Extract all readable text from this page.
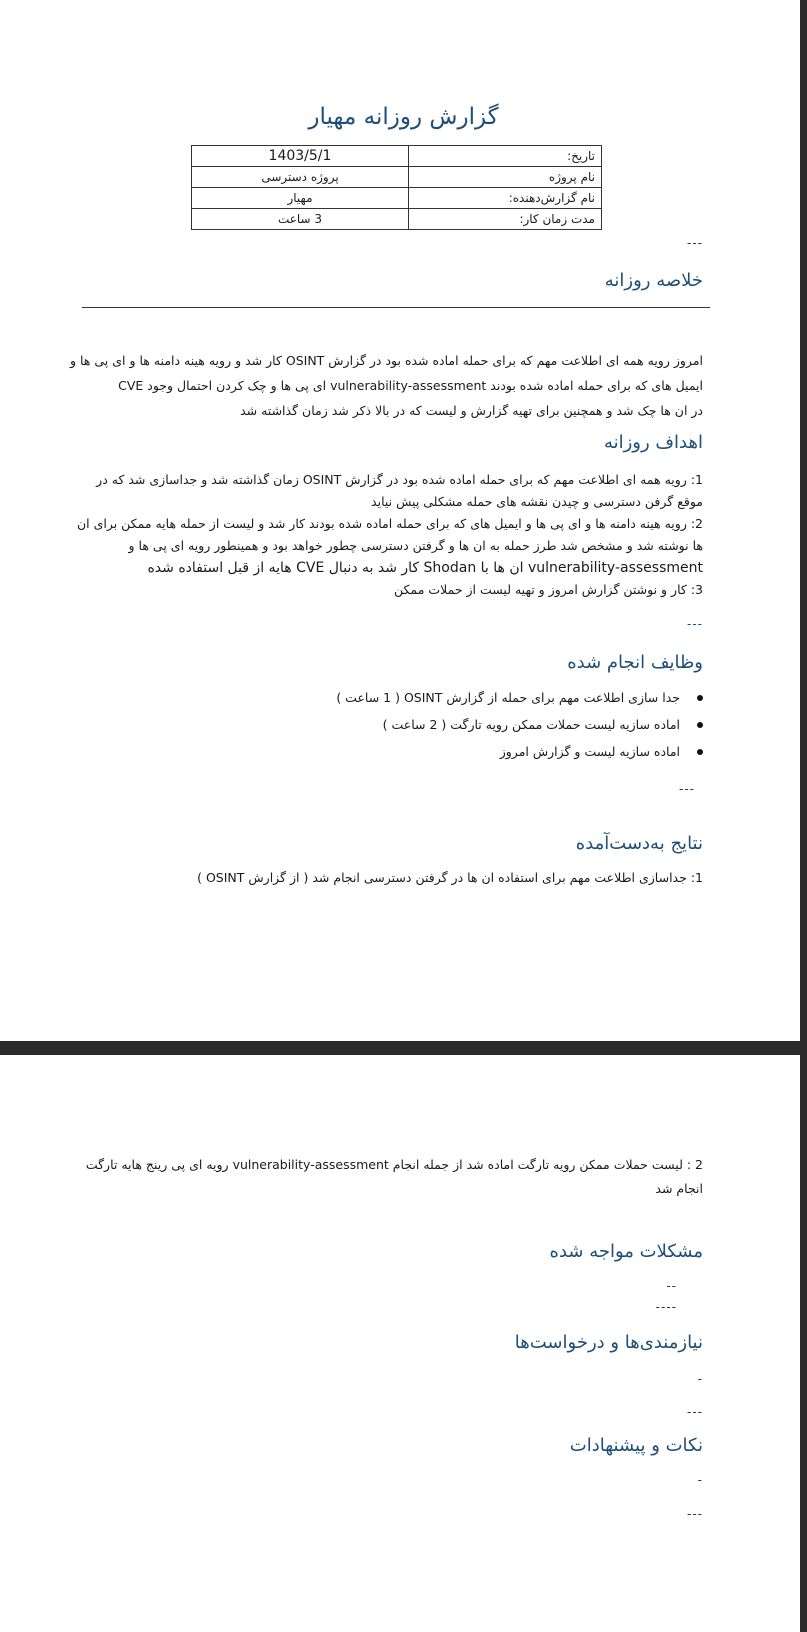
گزارش روزانه مهیار
تاریخ:	1403/5/1
نام پروژه	پروژه دسترسی
نام گزارش‌دهنده:	مهیار
مدت زمان کار:	3 ساعت
---
خلاصه روزانه
امروز رویه همه ای اطلاعت مهم که برای حمله اماده شده بود در گزارش OSINT کار شد و رویه هینه دامنه ها و ای پی ها و
ایمیل های که برای حمله اماده شده بودند vulnerability-assessment ای پی ها و چک کردن احتمال وجود CVE
در ان ها چک شد و همچنین برای تهیه گزارش و لیست که در بالا ذکر شد زمان گذاشته شد
اهداف روزانه
1: رویه همه ای اطلاعت مهم که برای حمله اماده شده بود در گزارش OSINT زمان گذاشته شد و جداسازی شد که در
موقع گرفن دسترسی و چیدن نقشه های حمله مشکلی پیش نیاید
2: رویه هینه دامنه ها و ای پی ها و ایمیل های که برای حمله اماده شده بودند کار شد و لیست از حمله هایه ممکن برای ان
ها نوشته شد و مشخص شد طرز حمله به ان ها و گرفتن دسترسی چطور خواهد بود و همینطور رویه ای پی ها و
vulnerability-assessment ان ها با Shodan کار شد به دنبال CVE هایه از قبل استفاده شده
3: کار و نوشتن گزارش امروز و تهیه لیست از حملات ممکن
---
وظایف انجام شده
جدا سازی اطلاعت مهم برای حمله از گزارش OSINT ( 1 ساعت )
اماده سازیه لیست حملات ممکن رویه تارگت ( 2 ساعت )
اماده سازیه لیست و گزارش امروز
---
نتایج به‌دست‌آمده
1: جداسازی اطلاعت مهم برای استفاده ان ها در گرفتن دسترسی انجام شد ( از گزارش OSINT )
2 : لیست حملات ممکن رویه تارگت اماده شد از جمله انجام vulnerability-assessment رویه ای پی رینج هایه تارگت
انجام شد
مشکلات مواجه شده
--
----
نیازمندی‌ها و درخواست‌ها
-
---
نکات و پیشنهادات
-
---
